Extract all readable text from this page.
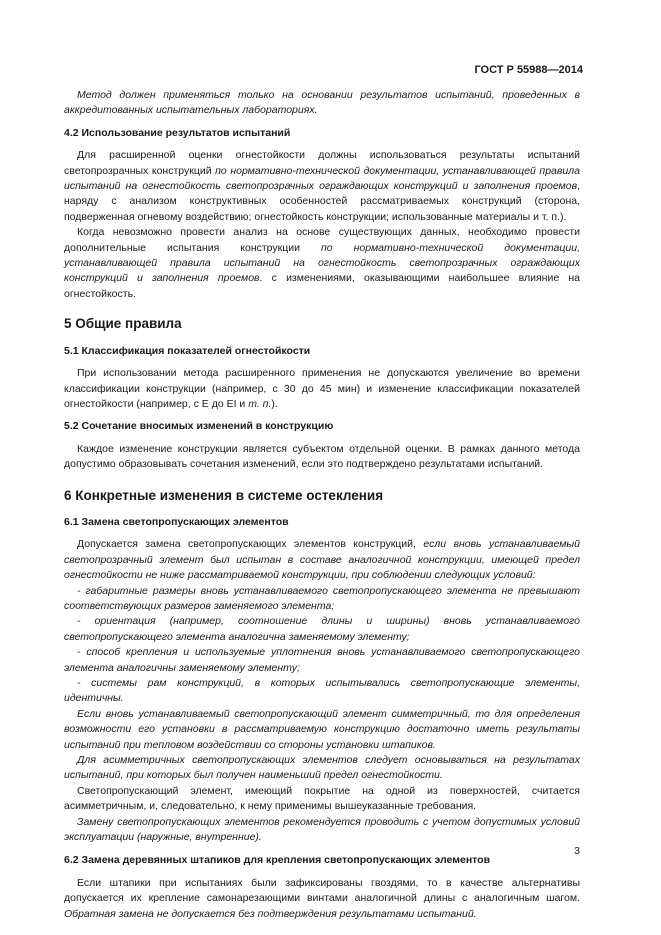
ГОСТ Р 55988—2014

Метод должен применяться только на основании результатов испытаний, проведенных в аккредитованных испытательных лабораториях.

4.2 Использование результатов испытаний

Для расширенной оценки огнестойкости должны использоваться результаты испытаний светопрозрачных конструкций по нормативно-технической документации, устанавливающей правила испытаний на огнестойкость светопрозрачных ограждающих конструкций и заполнения проемов, наряду с анализом конструктивных особенностей рассматриваемых конструкций (сторона, подверженная огневому воздействию; огнестойкость конструкции; использованные материалы и т. п.).

Когда невозможно провести анализ на основе существующих данных, необходимо провести дополнительные испытания конструкции по нормативно-технической документации, устанавливающей правила испытаний на огнестойкость светопрозрачных ограждающих конструкций и заполнения проемов. с изменениями, оказывающими наибольшее влияние на огнестойкость.

5 Общие правила
5.1 Классификация показателей огнестойкости

При использовании метода расширенного применения не допускаются увеличение во времени классификации конструкции (например, с 30 до 45 мин) и изменение классификации показателей огнестойкости (например, с E до EI и т. п.).

5.2 Сочетание вносимых изменений в конструкцию

Каждое изменение конструкции является субъектом отдельной оценки. В рамках данного метода допустимо образовывать сочетания изменений, если это подтверждено результатами испытаний.

6 Конкретные изменения в системе остекления
6.1 Замена светопропускающих элементов

Допускается замена светопропускающих элементов конструкций, если вновь устанавливаемый светопрозрачный элемент был испытан в составе аналогичной конструкции, имеющей предел огнестойкости не ниже рассматриваемой конструкции, при соблюдении следующих условий:

- габаритные размеры вновь устанавливаемого светопропускающего элемента не превышают соответствующих размеров заменяемого элемента;

- ориентация (например, соотношение длины и ширины) вновь устанавливаемого светопропускающего элемента аналогична заменяемому элементу;

- способ крепления и используемые уплотнения вновь устанавливаемого светопропускающего элемента аналогичны заменяемому элементу;

- системы рам конструкций, в которых испытывались светопропускающие элементы, идентичны.

Если вновь устанавливаемый светопропускающий элемент симметричный, то для определения возможности его установки в рассматриваемую конструкцию достаточно иметь результаты испытаний при тепловом воздействии со стороны установки штапиков.

Для асимметричных светопропускающих элементов следует основываться на результатах испытаний, при которых был получен наименьший предел огнестойкости.

Светопропускающий элемент, имеющий покрытие на одной из поверхностей, считается асимметричным, и, следовательно, к нему применимы вышеуказанные требования.

Замену светопропускающих элементов рекомендуется проводить с учетом допустимых условий эксплуатации (наружные, внутренние).

6.2 Замена деревянных штапиков для крепления светопропускающих элементов

Если штапики при испытаниях были зафиксированы гвоздями, то в качестве альтернативы допускается их крепление самонарезающими винтами аналогичной длины с аналогичным шагом. Обратная замена не допускается без подтверждения результатами испытаний.

3
